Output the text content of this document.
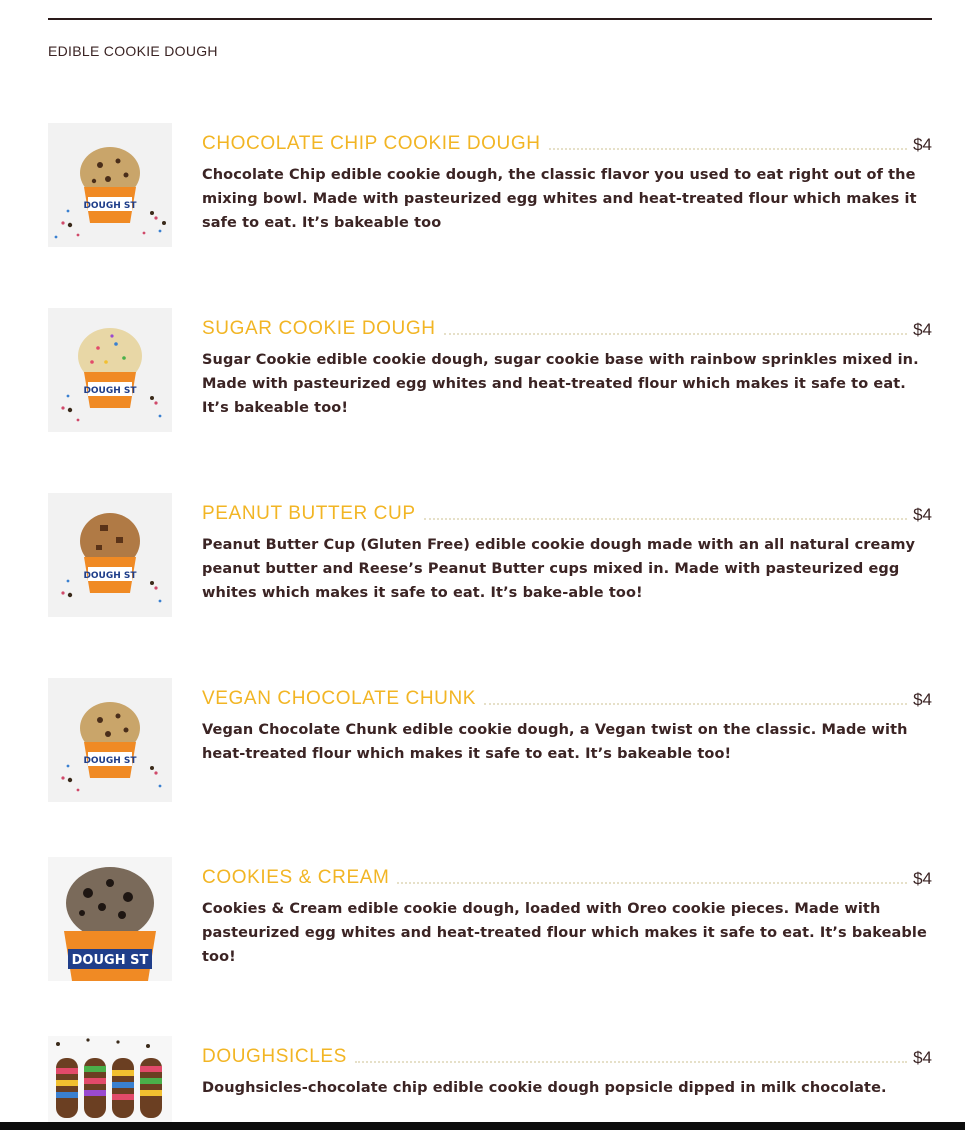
EDIBLE COOKIE DOUGH
DOUGH ST
CHOCOLATE CHIP COOKIE DOUGH	$4
Chocolate Chip edible cookie dough, the classic flavor you used to eat right out of the mixing bowl. Made with pasteurized egg whites and heat-treated flour which makes it safe to eat. It’s bakeable too
DOUGH ST
SUGAR COOKIE DOUGH	$4
Sugar Cookie edible cookie dough, sugar cookie base with rainbow sprinkles mixed in. Made with pasteurized egg whites and heat-treated flour which makes it safe to eat. It’s bakeable too!
DOUGH ST
PEANUT BUTTER CUP	$4
Peanut Butter Cup (Gluten Free) edible cookie dough made with an all natural creamy peanut butter and Reese’s Peanut Butter cups mixed in. Made with pasteurized egg whites which makes it safe to eat. It’s bake-able too!
DOUGH ST
VEGAN CHOCOLATE CHUNK	$4
Vegan Chocolate Chunk edible cookie dough, a Vegan twist on the classic. Made with heat-treated flour which makes it safe to eat. It’s bakeable too!
DOUGH ST
COOKIES & CREAM	$4
Cookies & Cream edible cookie dough, loaded with Oreo cookie pieces. Made with pasteurized egg whites and heat-treated flour which makes it safe to eat. It’s bakeable too!
DOUGHSICLES	$4
Doughsicles-chocolate chip edible cookie dough popsicle dipped in milk chocolate.
